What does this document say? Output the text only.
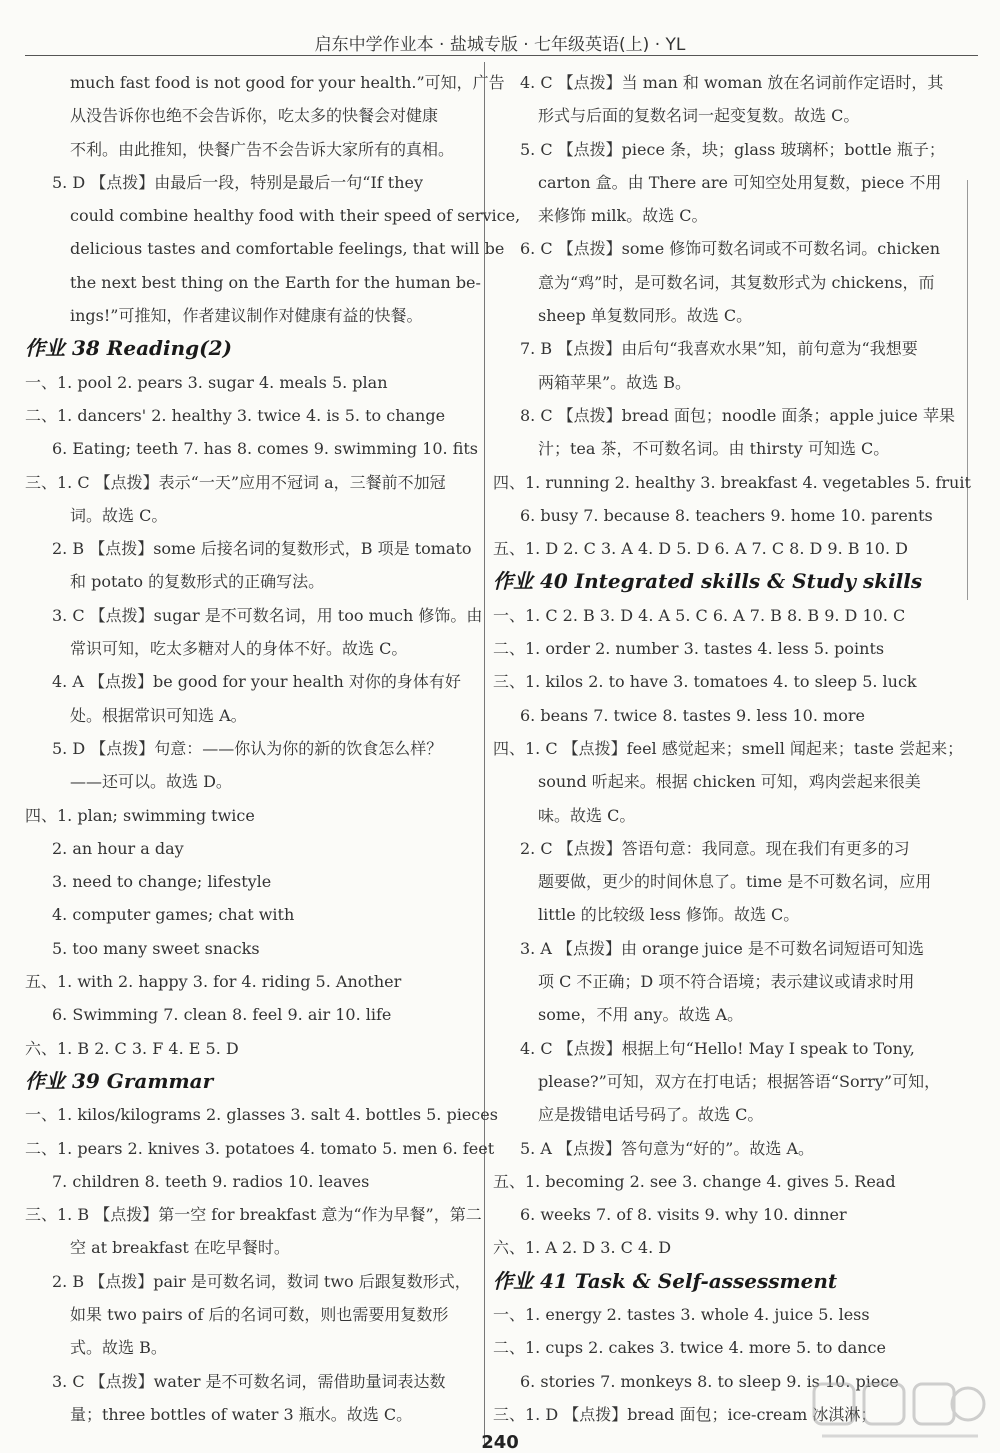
启东中学作业本 · 盐城专版 · 七年级英语(上) · YL
much fast food is not good for your health.”可知，广告
从没告诉你也绝不会告诉你，吃太多的快餐会对健康
不利。由此推知，快餐广告不会告诉大家所有的真相。
5. D 【点拨】由最后一段，特别是最后一句“If they
could combine healthy food with their speed of service,
delicious tastes and comfortable feelings, that will be
the next best thing on the Earth for the human be-
ings!”可推知，作者建议制作对健康有益的快餐。
作业 38 Reading(2)
一、1. pool 2. pears 3. sugar 4. meals 5. plan
二、1. dancers' 2. healthy 3. twice 4. is 5. to change
6. Eating; teeth 7. has 8. comes 9. swimming 10. fits
三、1. C 【点拨】表示“一天”应用不冠词 a，三餐前不加冠
词。故选 C。
2. B 【点拨】some 后接名词的复数形式，B 项是 tomato
和 potato 的复数形式的正确写法。
3. C 【点拨】sugar 是不可数名词，用 too much 修饰。由
常识可知，吃太多糖对人的身体不好。故选 C。
4. A 【点拨】be good for your health 对你的身体有好
处。根据常识可知选 A。
5. D 【点拨】句意：——你认为你的新的饮食怎么样？
——还可以。故选 D。
四、1. plan; swimming twice
2. an hour a day
3. need to change; lifestyle
4. computer games; chat with
5. too many sweet snacks
五、1. with 2. happy 3. for 4. riding 5. Another
6. Swimming 7. clean 8. feel 9. air 10. life
六、1. B 2. C 3. F 4. E 5. D
作业 39 Grammar
一、1. kilos/kilograms 2. glasses 3. salt 4. bottles 5. pieces
二、1. pears 2. knives 3. potatoes 4. tomato 5. men 6. feet
7. children 8. teeth 9. radios 10. leaves
三、1. B 【点拨】第一空 for breakfast 意为“作为早餐”，第二
空 at breakfast 在吃早餐时。
2. B 【点拨】pair 是可数名词，数词 two 后跟复数形式，
如果 two pairs of 后的名词可数，则也需要用复数形
式。故选 B。
3. C 【点拨】water 是不可数名词，需借助量词表达数
量；three bottles of water 3 瓶水。故选 C。
4. C 【点拨】当 man 和 woman 放在名词前作定语时，其
形式与后面的复数名词一起变复数。故选 C。
5. C 【点拨】piece 条，块；glass 玻璃杯；bottle 瓶子；
carton 盒。由 There are 可知空处用复数，piece 不用
来修饰 milk。故选 C。
6. C 【点拨】some 修饰可数名词或不可数名词。chicken
意为“鸡”时，是可数名词，其复数形式为 chickens，而
sheep 单复数同形。故选 C。
7. B 【点拨】由后句“我喜欢水果”知，前句意为“我想要
两箱苹果”。故选 B。
8. C 【点拨】bread 面包；noodle 面条；apple juice 苹果
汁；tea 茶，不可数名词。由 thirsty 可知选 C。
四、1. running 2. healthy 3. breakfast 4. vegetables 5. fruit
6. busy 7. because 8. teachers 9. home 10. parents
五、1. D 2. C 3. A 4. D 5. D 6. A 7. C 8. D 9. B 10. D
作业 40 Integrated skills & Study skills
一、1. C 2. B 3. D 4. A 5. C 6. A 7. B 8. B 9. D 10. C
二、1. order 2. number 3. tastes 4. less 5. points
三、1. kilos 2. to have 3. tomatoes 4. to sleep 5. luck
6. beans 7. twice 8. tastes 9. less 10. more
四、1. C 【点拨】feel 感觉起来；smell 闻起来；taste 尝起来；
sound 听起来。根据 chicken 可知，鸡肉尝起来很美
味。故选 C。
2. C 【点拨】答语句意：我同意。现在我们有更多的习
题要做，更少的时间休息了。time 是不可数名词，应用
little 的比较级 less 修饰。故选 C。
3. A 【点拨】由 orange juice 是不可数名词短语可知选
项 C 不正确；D 项不符合语境；表示建议或请求时用
some，不用 any。故选 A。
4. C 【点拨】根据上句“Hello! May I speak to Tony,
please?”可知，双方在打电话；根据答语“Sorry”可知，
应是拨错电话号码了。故选 C。
5. A 【点拨】答句意为“好的”。故选 A。
五、1. becoming 2. see 3. change 4. gives 5. Read
6. weeks 7. of 8. visits 9. why 10. dinner
六、1. A 2. D 3. C 4. D
作业 41 Task & Self-assessment
一、1. energy 2. tastes 3. whole 4. juice 5. less
二、1. cups 2. cakes 3. twice 4. more 5. to dance
6. stories 7. monkeys 8. to sleep 9. is 10. piece
三、1. D 【点拨】bread 面包；ice-cream 冰淇淋；
240
